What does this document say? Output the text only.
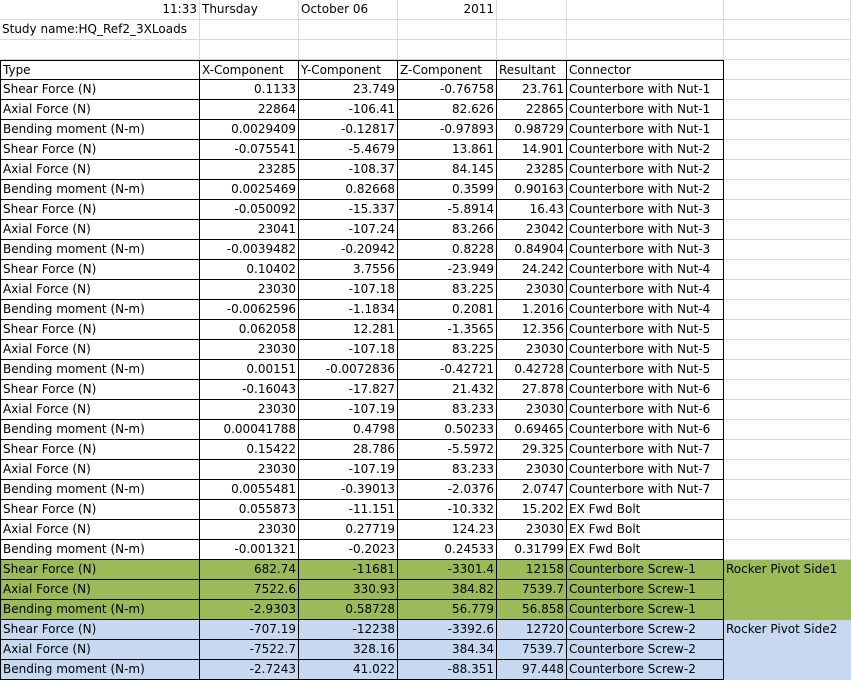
11:33 Thursday	October 06	2011
Study name:HQ_Ref2_3XLoads
Type	X-Component	Y-Component	Z-Component	Resultant	Connector
Shear Force (N)	0.1133	23.749	-0.76758	23.761 Counterbore with Nut-1
Axial Force (N)	22864	-106.41	82.626	22865 Counterbore with Nut-1
Bending moment (N-m)	0.0029409	-0.12817	-0.97893	0.98729 Counterbore with Nut-1
Shear Force (N)	-0.075541	-5.4679	13.861	14.901 Counterbore with Nut-2
Axial Force (N)	23285	-108.37	84.145	23285 Counterbore with Nut-2
Bending moment (N-m)	0.0025469	0.82668	0.3599	0.90163 Counterbore with Nut-2
Shear Force (N)	-0.050092	-15.337	-5.8914	16.43 Counterbore with Nut-3
Axial Force (N)	23041	-107.24	83.266	23042 Counterbore with Nut-3
Bending moment (N-m)	-0.0039482	-0.20942	0.8228	0.84904 Counterbore with Nut-3
Shear Force (N)	0.10402	3.7556	-23.949	24.242 Counterbore with Nut-4
Axial Force (N)	23030	-107.18	83.225	23030 Counterbore with Nut-4
Bending moment (N-m)	-0.0062596	-1.1834	0.2081	1.2016 Counterbore with Nut-4
Shear Force (N)	0.062058	12.281	-1.3565	12.356 Counterbore with Nut-5
Axial Force (N)	23030	-107.18	83.225	23030 Counterbore with Nut-5
Bending moment (N-m)	0.00151	-0.0072836	-0.42721	0.42728 Counterbore with Nut-5
Shear Force (N)	-0.16043	-17.827	21.432	27.878 Counterbore with Nut-6
Axial Force (N)	23030	-107.19	83.233	23030 Counterbore with Nut-6
Bending moment (N-m)	0.00041788	0.4798	0.50233	0.69465 Counterbore with Nut-6
Shear Force (N)	0.15422	28.786	-5.5972	29.325 Counterbore with Nut-7
Axial Force (N)	23030	-107.19	83.233	23030 Counterbore with Nut-7
Bending moment (N-m)	0.0055481	-0.39013	-2.0376	2.0747 Counterbore with Nut-7
Shear Force (N)	0.055873	-11.151	-10.332	15.202 EX Fwd Bolt
Axial Force (N)	23030	0.27719	124.23	23030 EX Fwd Bolt
Bending moment (N-m)	-0.001321	-0.2023	0.24533	0.31799 EX Fwd Bolt
Shear Force (N)	682.74	-11681	-3301.4	12158 Counterbore Screw-1	Rocker Pivot Side1
Axial Force (N)	7522.6	330.93	384.82	7539.7 Counterbore Screw-1
Bending moment (N-m)	-2.9303	0.58728	56.779	56.858 Counterbore Screw-1
Shear Force (N)	-707.19	-12238	-3392.6	12720 Counterbore Screw-2	Rocker Pivot Side2
Axial Force (N)	-7522.7	328.16	384.34	7539.7 Counterbore Screw-2
Bending moment (N-m)	-2.7243	41.022	-88.351	97.448 Counterbore Screw-2
